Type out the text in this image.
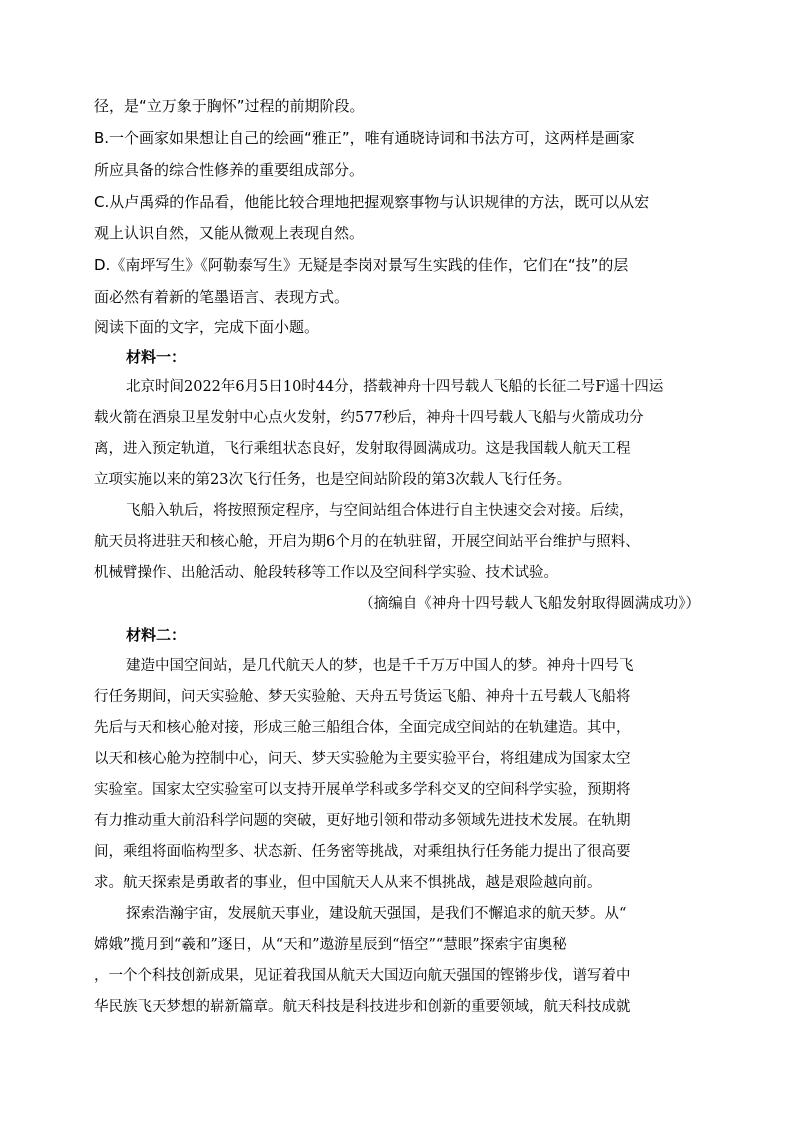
径，是“立万象于胸怀”过程的前期阶段。
B.一个画家如果想让自己的绘画“雅正”，唯有通晓诗词和书法方可，这两样是画家
所应具备的综合性修养的重要组成部分。
C.从卢禹舜的作品看，他能比较合理地把握观察事物与认识规律的方法，既可以从宏
观上认识自然，又能从微观上表现自然。
D.《南坪写生》《阿勒泰写生》无疑是李岗对景写生实践的佳作，它们在“技”的层
面必然有着新的笔墨语言、表现方式。
阅读下面的文字，完成下面小题。
材料一：
北京时间2022年6月5日10时44分，搭载神舟十四号载人飞船的长征二号F遥十四运
载火箭在酒泉卫星发射中心点火发射，约577秒后，神舟十四号载人飞船与火箭成功分
离，进入预定轨道，飞行乘组状态良好，发射取得圆满成功。这是我国载人航天工程
立项实施以来的第23次飞行任务，也是空间站阶段的第3次载人飞行任务。
飞船入轨后，将按照预定程序，与空间站组合体进行自主快速交会对接。后续，
航天员将进驻天和核心舱，开启为期6个月的在轨驻留，开展空间站平台维护与照料、
机械臂操作、出舱活动、舱段转移等工作以及空间科学实验、技术试验。
（摘编自《神舟十四号载人飞船发射取得圆满成功》）
材料二：
建造中国空间站，是几代航天人的梦，也是千千万万中国人的梦。神舟十四号飞
行任务期间，问天实验舱、梦天实验舱、天舟五号货运飞船、神舟十五号载人飞船将
先后与天和核心舱对接，形成三舱三船组合体，全面完成空间站的在轨建造。其中，
以天和核心舱为控制中心，问天、梦天实验舱为主要实验平台，将组建成为国家太空
实验室。国家太空实验室可以支持开展单学科或多学科交叉的空间科学实验，预期将
有力推动重大前沿科学问题的突破，更好地引领和带动多领域先进技术发展。在轨期
间，乘组将面临构型多、状态新、任务密等挑战，对乘组执行任务能力提出了很高要
求。航天探索是勇敢者的事业，但中国航天人从来不惧挑战，越是艰险越向前。
探索浩瀚宇宙，发展航天事业，建设航天强国，是我们不懈追求的航天梦。从“
嫦娥”揽月到“羲和”逐日，从“天和”遨游星辰到“悟空”“慧眼”探索宇宙奥秘
，一个个科技创新成果，见证着我国从航天大国迈向航天强国的铿锵步伐，谱写着中
华民族飞天梦想的崭新篇章。航天科技是科技进步和创新的重要领域，航天科技成就
